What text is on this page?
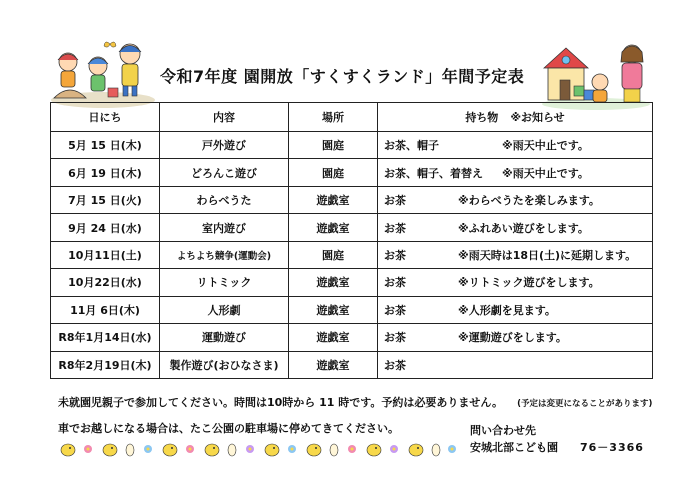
令和7年度 園開放「すくすくランド」年間予定表
日にち	内容	場所	持ち物 ※お知らせ
5月 15 日(木)	戸外遊び	園庭	お茶、帽子 ※雨天中止です。
6月 19 日(木)	どろんこ遊び	園庭	お茶、帽子、着替え ※雨天中止です。
7月 15 日(火)	わらべうた	遊戯室	お茶 ※わらべうたを楽しみます。
9月 24 日(水)	室内遊び	遊戯室	お茶 ※ふれあい遊びをします。
10月11日(土)	よちよち競争(運動会)	園庭	お茶 ※雨天時は18日(土)に延期します。
10月22日(水)	リトミック	遊戯室	お茶 ※リトミック遊びをします。
11月 6日(木)	人形劇	遊戯室	お茶 ※人形劇を見ます。
R8年1月14日(水)	運動遊び	遊戯室	お茶 ※運動遊びをします。
R8年2月19日(木)	製作遊び(おひなさま)	遊戯室	お茶
未就園児親子で参加してください。時間は10時から 11 時です。予約は必要ありません。 (予定は変更になることがあります)
車でお越しになる場合は、たこ公園の駐車場に停めてきてください。	問い合わせ先
安城北部こども園 76－3366
